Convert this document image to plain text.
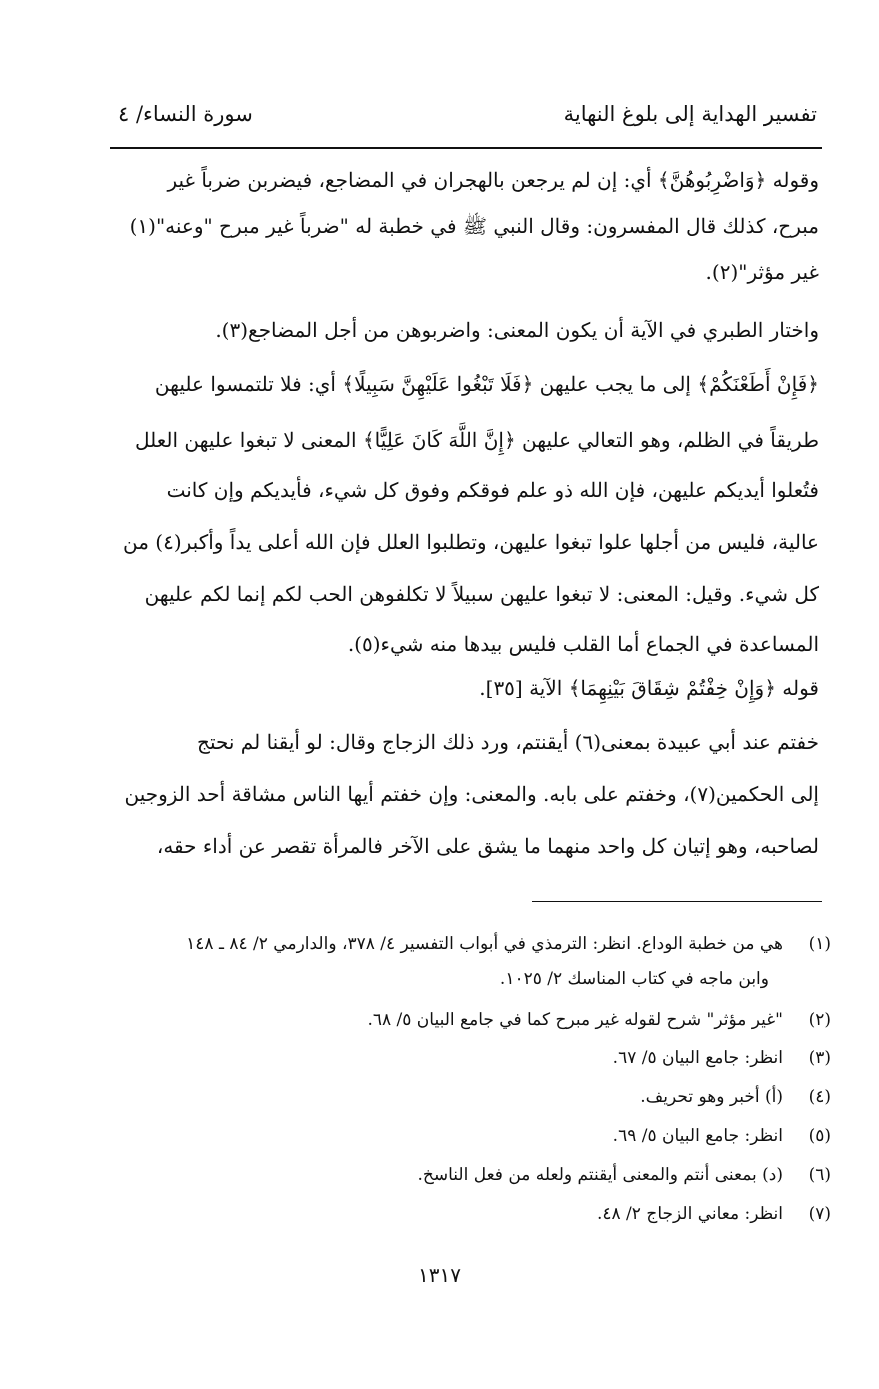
تفسير الهداية إلى بلوغ النهاية
سورة النساء/ ٤
وقوله ﴿وَاضْرِبُوهُنَّ﴾ أي: إن لم يرجعن بالهجران في المضاجع، فيضربن ضرباً غير
مبرح، كذلك قال المفسرون: وقال النبي ﷺ في خطبة له "ضرباً غير مبرح "وعنه"(١)
غير مؤثر"(٢).
واختار الطبري في الآية أن يكون المعنى: واضربوهن من أجل المضاجع(٣).
﴿فَإِنْ أَطَعْنَكُمْ﴾ إلى ما يجب عليهن ﴿فَلَا تَبْغُوا عَلَيْهِنَّ سَبِيلًا﴾ أي: فلا تلتمسوا عليهن
طريقاً في الظلم، وهو التعالي عليهن ﴿إِنَّ اللَّهَ كَانَ عَلِيًّا﴾ المعنى لا تبغوا عليهن العلل
فتُعلوا أيديكم عليهن، فإن الله ذو علم فوقكم وفوق كل شيء، فأيديكم وإن كانت
عالية، فليس من أجلها علوا تبغوا عليهن، وتطلبوا العلل فإن الله أعلى يداً وأكبر(٤) من
كل شيء. وقيل: المعنى: لا تبغوا عليهن سبيلاً لا تكلفوهن الحب لكم إنما لكم عليهن
المساعدة في الجماع أما القلب فليس بيدها منه شيء(٥).
قوله ﴿وَإِنْ خِفْتُمْ شِقَاقَ بَيْنِهِمَا﴾ الآية [٣٥].
خفتم عند أبي عبيدة بمعنى(٦) أيقنتم، ورد ذلك الزجاج وقال: لو أيقنا لم نحتج
إلى الحكمين(٧)، وخفتم على بابه. والمعنى: وإن خفتم أيها الناس مشاقة أحد الزوجين
لصاحبه، وهو إتيان كل واحد منهما ما يشق على الآخر فالمرأة تقصر عن أداء حقه،
(١)
هي من خطبة الوداع. انظر: الترمذي في أبواب التفسير ٤/ ٣٧٨، والدارمي ٢/ ٨٤ ـ ١٤٨
وابن ماجه في كتاب المناسك ٢/ ١٠٢٥.
(٢)
"غير مؤثر" شرح لقوله غير مبرح كما في جامع البيان ٥/ ٦٨.
(٣)
انظر: جامع البيان ٥/ ٦٧.
(٤)
(أ) أخبر وهو تحريف.
(٥)
انظر: جامع البيان ٥/ ٦٩.
(٦)
(د) بمعنى أنتم والمعنى أيقنتم ولعله من فعل الناسخ.
(٧)
انظر: معاني الزجاج ٢/ ٤٨.
١٣١٧
